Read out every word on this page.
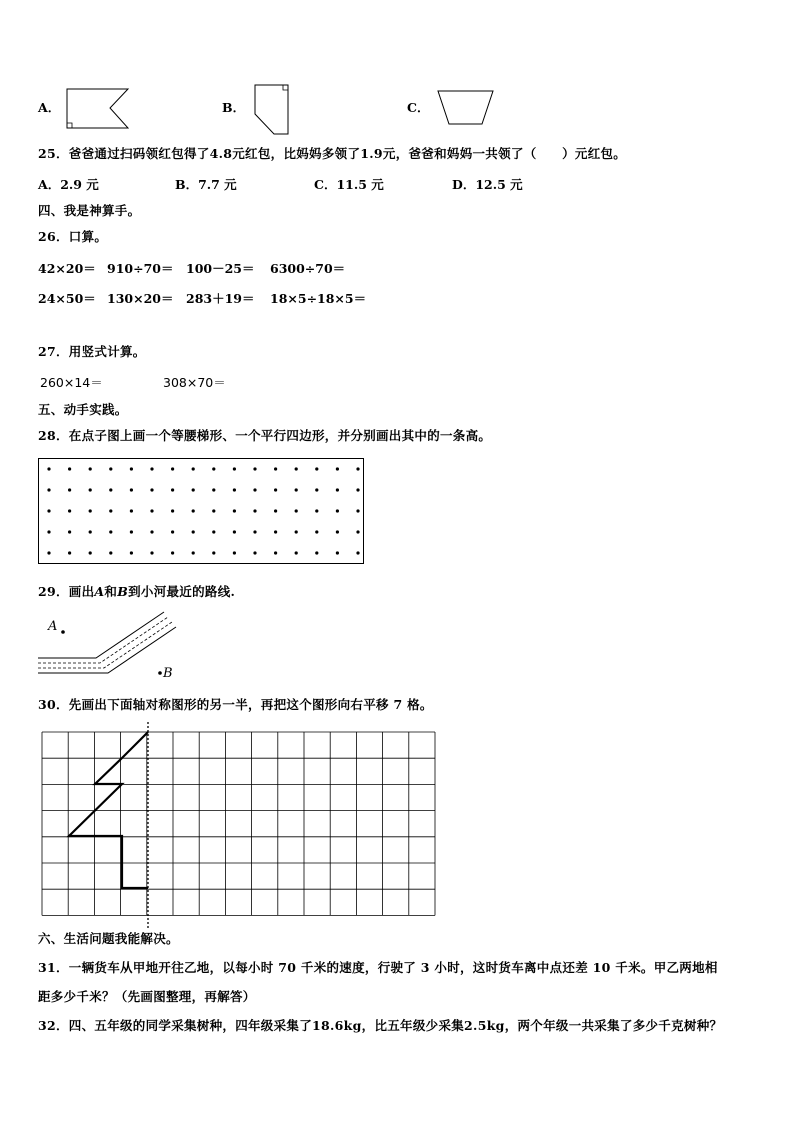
A．	B．	C．
25．爸爸通过扫码领红包得了4.8元红包，比妈妈多领了1.9元，爸爸和妈妈一共领了（　　）元红包。
A．2.9 元	B．7.7 元	C．11.5 元	D．12.5 元
四、我是神算手。
26．口算。
42×20＝ 910÷70＝ 100－25＝ 6300÷70＝
24×50＝ 130×20＝ 283＋19＝ 18×5÷18×5＝
27．用竖式计算。
260×14＝	308×70＝
五、动手实践。
28．在点子图上画一个等腰梯形、一个平行四边形，并分别画出其中的一条高。
29．画出A和B到小河最近的路线.
A
B
30．先画出下面轴对称图形的另一半，再把这个图形向右平移 7 格。
六、生活问题我能解决。
31．一辆货车从甲地开往乙地，以每小时 70 千米的速度，行驶了 3 小时，这时货车离中点还差 10 千米。甲乙两地相
距多少千米？（先画图整理，再解答）
32．四、五年级的同学采集树种，四年级采集了18.6kg，比五年级少采集2.5kg，两个年级一共采集了多少千克树种？
